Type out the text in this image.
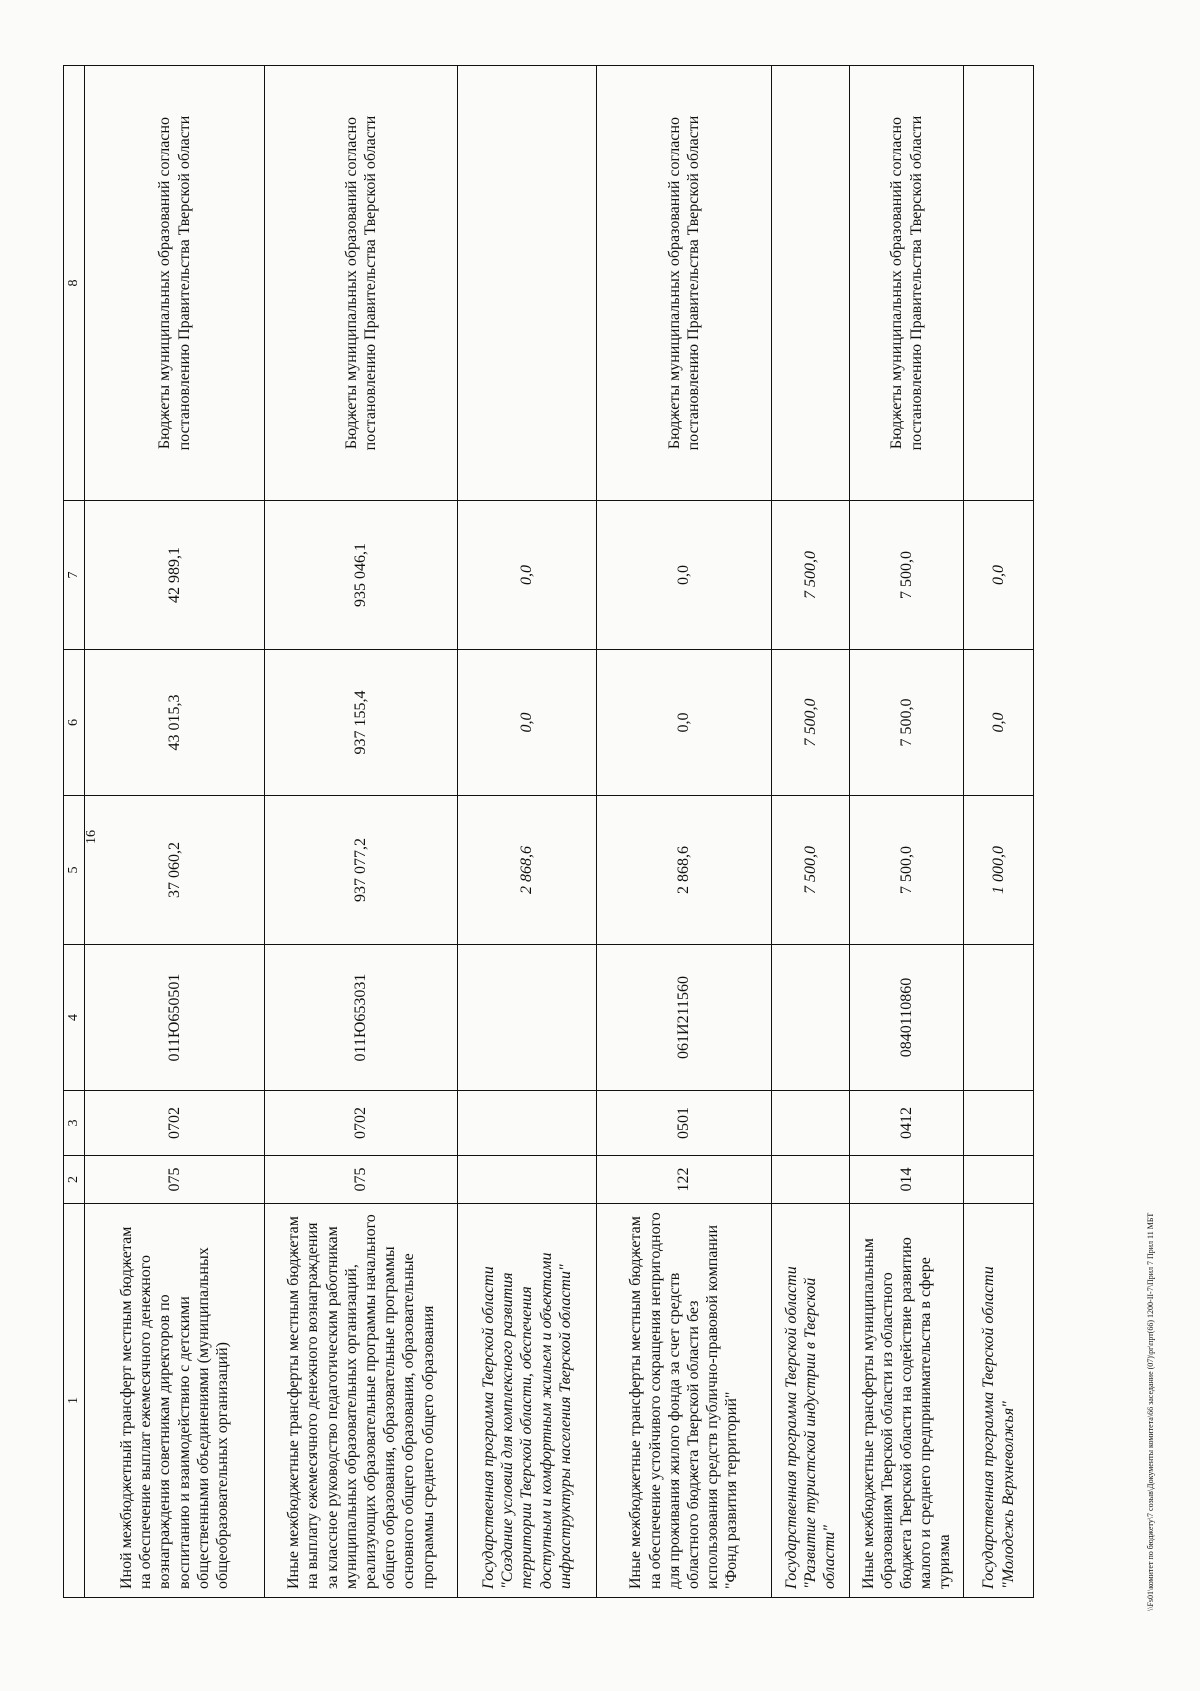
16
1	2	3	4	5	6	7	8
Иной межбюджетный трансферт местным бюджетам на обеспечение выплат ежемесячного денежного вознаграждения советникам директоров по воспитанию и взаимодействию с детскими общественными объединениями (муниципальных общеобразовательных организаций)	075	0702	011Ю650501	37 060,2	43 015,3	42 989,1	Бюджеты муниципальных образований согласно постановлению Правительства Тверской области
Иные межбюджетные трансферты местным бюджетам на выплату ежемесячного денежного вознаграждения за классное руководство педагогическим работникам муниципальных образовательных организаций, реализующих образовательные программы начального общего образования, образовательные программы основного общего образования, образовательные программы среднего общего образования	075	0702	011Ю653031	937 077,2	937 155,4	935 046,1	Бюджеты муниципальных образований согласно постановлению Правительства Тверской области
Государственная программа Тверской области "Создание условий для комплексного развития территории Тверской области, обеспечения доступным и комфортным жильем и объектами инфраструктуры населения Тверской области"				2 868,6	0,0	0,0	
Иные межбюджетные трансферты местным бюджетам на обеспечение устойчивого сокращения непригодного для проживания жилого фонда за счет средств областного бюджета Тверской области без использования средств публично-правовой компании "Фонд развития территорий"	122	0501	061И211560	2 868,6	0,0	0,0	Бюджеты муниципальных образований согласно постановлению Правительства Тверской области
Государственная программа Тверской области "Развитие туристской индустрии в Тверской области"				7 500,0	7 500,0	7 500,0	
Иные межбюджетные трансферты муниципальным образованиям Тверской области из областного бюджета Тверской области на содействие развитию малого и среднего предпринимательства в сфере туризма	014	0412	0840110860	7 500,0	7 500,0	7 500,0	Бюджеты муниципальных образований согласно постановлению Правительства Тверской области
Государственная программа Тверской области "Молодежь Верхневолжья"				1 000,0	0,0	0,0	
\\Fs01\комитет по бюджету\7 созыв\Документы комитета\66 заседание (07)\pr\прт(66) 1200-II-7\Прил 7 Прил 11 МБТ
